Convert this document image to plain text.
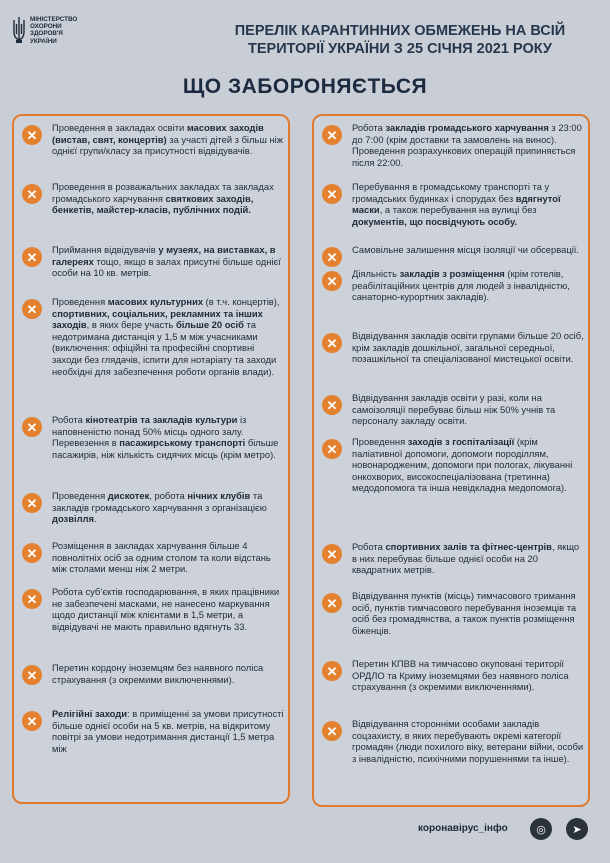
МІНІСТЕРСТВО
ОХОРОНИ
ЗДОРОВ'Я
УКРАЇНИ
ПЕРЕЛІК КАРАНТИННИХ ОБМЕЖЕНЬ НА ВСІЙ
ТЕРИТОРІЇ УКРАЇНИ З 25 СІЧНЯ 2021 РОКУ
ЩО ЗАБОРОНЯЄТЬСЯ
✕	Проведення в закладах освіти масових заходів (вистав, свят, концертів) за участі дітей з більш ніж однієї групи/класу за присутності відвідувачів.
✕	Проведення в розважальних закладах та закладах громадського харчування святкових заходів, бенкетів, майстер-класів, публічних подій.
✕	Приймання відвідувачів у музеях, на виставках, в галереях тощо, якщо в залах присутні більше однієї особи на 10 кв. метрів.
✕	Проведення масових культурних (в т.ч. концертів), спортивних, соціальних, рекламних та інших заходів, в яких бере участь більше 20 осіб та недотримана дистанція у 1,5 м між учасниками (виключення: офіційні та професійні спортивні заходи без глядачів, іспити для нотаріату та заходи необхідні для забезпечення роботи органів влади).
✕	Робота кінотеатрів та закладів культури із наповненістю понад 50% місць одного залу. Перевезення в пасажирському транспорті більше пасажирів, ніж кількість сидячих місць (крім метро).
✕	Проведення дискотек, робота нічних клубів та закладів громадського харчування з організацією дозвілля.
✕	Розміщення в закладах харчування більше 4 повнолітніх осіб за одним столом та коли відстань між столами менш ніж 2 метри.
✕	Робота суб’єктів господарювання, в яких працівники не забезпечені масками, не нанесено маркування щодо дистанції між клієнтами в 1,5 метри, а відвідувачі не мають правильно вдягнуть 33.
✕	Перетин кордону іноземцям без наявного поліса страхування (з окремими виключеннями).
✕	Релігійні заходи: в приміщенні за умови присутності більше однієї особи на 5 кв. метрів, на відкритому повітрі за умови недотримання дистанції 1,5 метра між
✕	Робота закладів громадського харчування з 23:00 до 7:00 (крім доставки та замовлень на винос). Проведення розрахункових операцій припиняється після 22:00.
✕	Перебування в громадському транспорті та у громадських будинках і спорудах без вдягнутої маски, а також перебування на вулиці без документів, що посвідчують особу.
✕	Самовільне залишення місця ізоляції чи обсервації.
✕	Діяльність закладів з розміщення (крім готелів, реабілітаційних центрів для людей з інвалідністю, санаторно-курортних закладів).
✕	Відвідування закладів освіти групами більше 20 осіб, крім закладів дошкільної, загальної середньої, позашкільної та спеціалізованої мистецької освіти.
✕	Відвідування закладів освіти у разі, коли на самоізоляції перебуває більш ніж 50% учнів та персоналу закладу освіти.
✕	Проведення заходів з госпіталізації (крім паліативної допомоги, допомоги породіллям, новонародженим, допомоги при пологах, лікуванні онкохворих, високоспеціалізована (третинна) медодопомога та інша невідкладна медопомога).
✕	Робота спортивних залів та фітнес-центрів, якщо в них перебуває більше однієї особи на 20 квадратних метрів.
✕	Відвідування пунктів (місць) тимчасового тримання осіб, пунктів тимчасового перебування іноземців та осіб без громадянства, а також пунктів розміщення біженців.
✕	Перетин КПВВ на тимчасово окуповані території ОРДЛО та Криму іноземцями без наявного поліса страхування (з окремими виключеннями).
✕	Відвідування сторонніми особами закладів соцзахисту, в яких перебувають окремі категорії громадян (люди похилого віку, ветерани війни, особи з інвалідністю, психічними порушеннями та інше).
коронавірус_інфо	◎	➤
